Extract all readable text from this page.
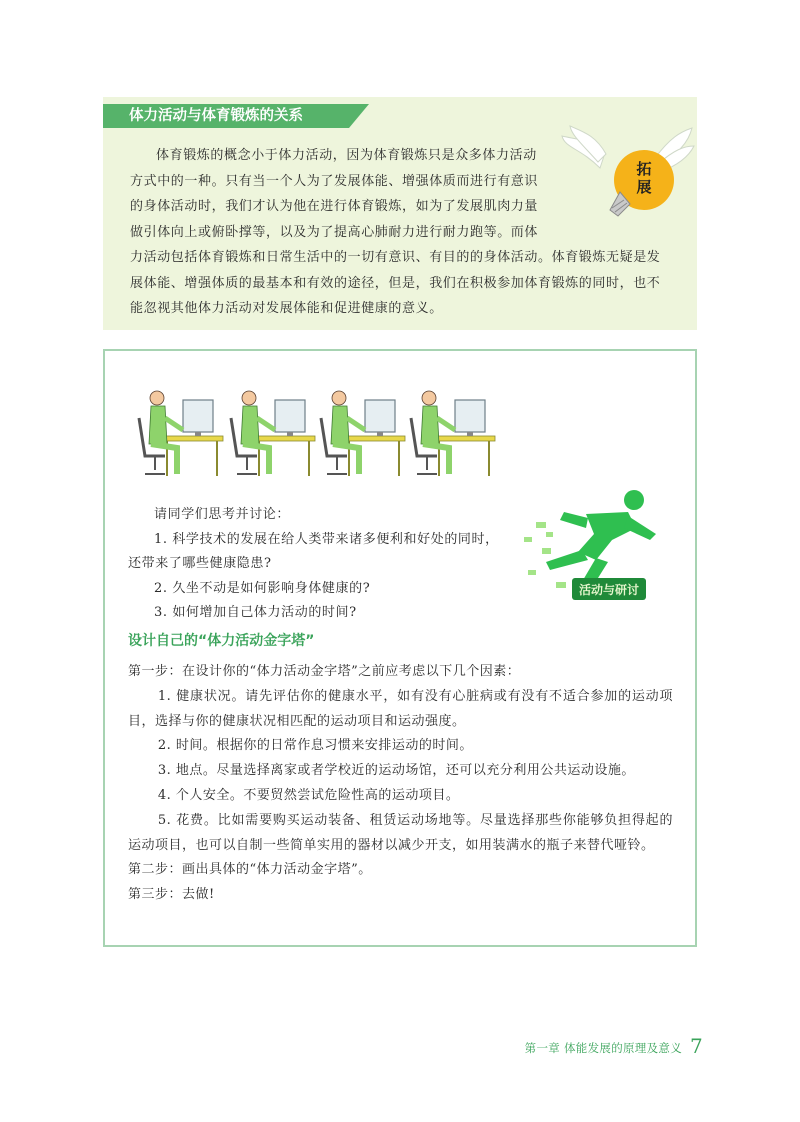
体力活动与体育锻炼的关系
体育锻炼的概念小于体力活动，因为体育锻炼只是众多体力活动
方式中的一种。只有当一个人为了发展体能、增强体质而进行有意识
的身体活动时，我们才认为他在进行体育锻炼，如为了发展肌肉力量
做引体向上或俯卧撑等，以及为了提高心肺耐力进行耐力跑等。而体
力活动包括体育锻炼和日常生活中的一切有意识、有目的的身体活动。体育锻炼无疑是发
展体能、增强体质的最基本和有效的途径，但是，我们在积极参加体育锻炼的同时，也不
能忽视其他体力活动对发展体能和促进健康的意义。
拓展
活动与研讨

请同学们思考并讨论：

1. 科学技术的发展在给人类带来诸多便利和好处的同时，

还带来了哪些健康隐患?

2. 久坐不动是如何影响身体健康的?

3. 如何增加自己体力活动的时间?

设计自己的“体力活动金字塔”

第一步：在设计你的“体力活动金字塔”之前应考虑以下几个因素：

1. 健康状况。请先评估你的健康水平，如有没有心脏病或有没有不适合参加的运动项目，选择与你的健康状况相匹配的运动项目和运动强度。

2. 时间。根据你的日常作息习惯来安排运动的时间。

3. 地点。尽量选择离家或者学校近的运动场馆，还可以充分利用公共运动设施。

4. 个人安全。不要贸然尝试危险性高的运动项目。

5. 花费。比如需要购买运动装备、租赁运动场地等。尽量选择那些你能够负担得起的运动项目，也可以自制一些简单实用的器材以减少开支，如用装满水的瓶子来替代哑铃。

第二步：画出具体的“体力活动金字塔”。

第三步：去做!

第一章 体能发展的原理及意义 7
